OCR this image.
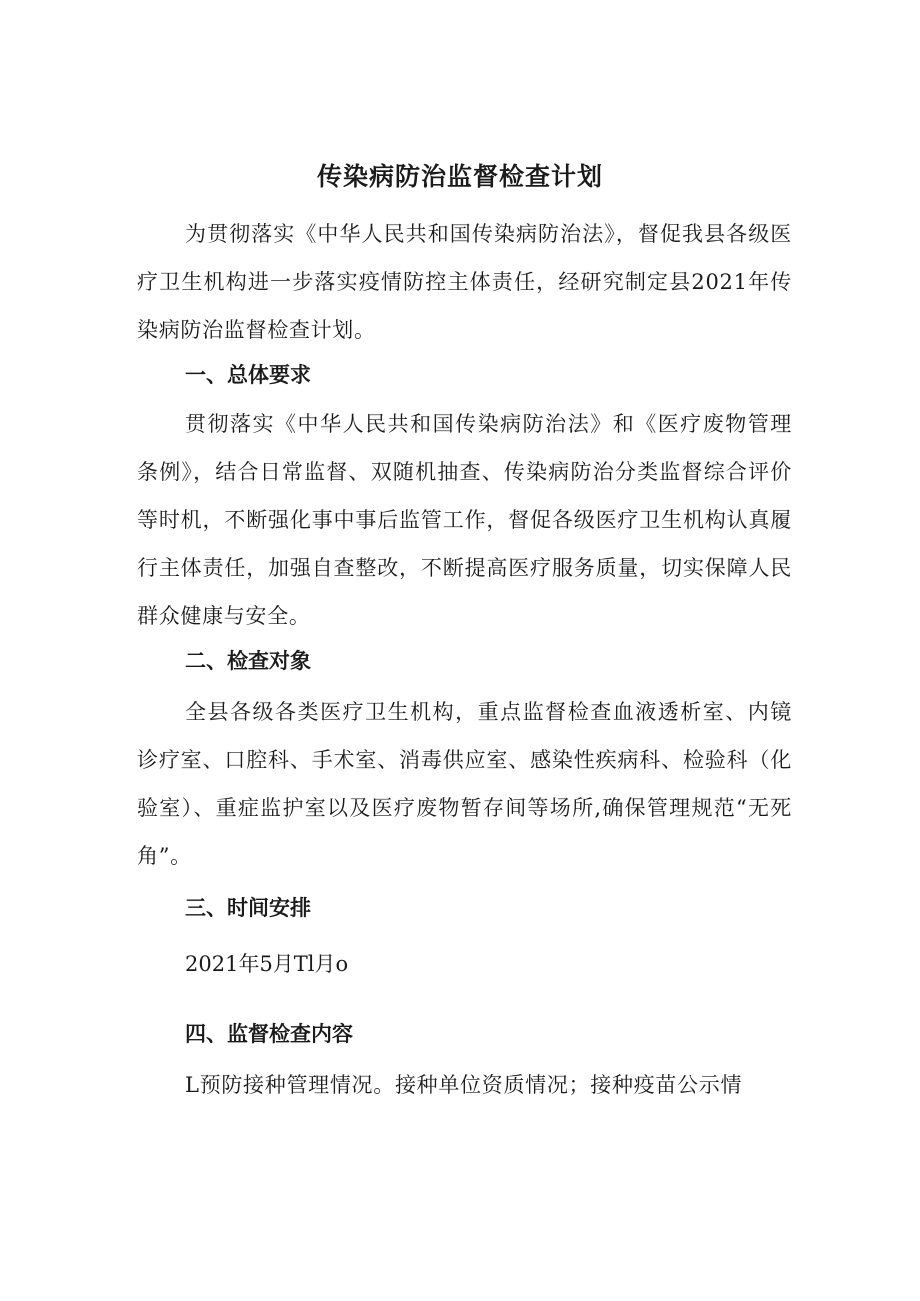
传染病防治监督检查计划

为贯彻落实《中华人民共和国传染病防治法》，督促我县各级医疗卫生机构进一步落实疫情防控主体责任，经研究制定县2021年传染病防治监督检查计划。

一、总体要求

贯彻落实《中华人民共和国传染病防治法》和《医疗废物管理条例》，结合日常监督、双随机抽查、传染病防治分类监督综合评价等时机，不断强化事中事后监管工作，督促各级医疗卫生机构认真履行主体责任，加强自查整改，不断提高医疗服务质量，切实保障人民群众健康与安全。

二、检查对象

全县各级各类医疗卫生机构，重点监督检查血液透析室、内镜诊疗室、口腔科、手术室、消毒供应室、感染性疾病科、检验科（化验室）、重症监护室以及医疗废物暂存间等场所,确保管理规范“无死角”。

三、时间安排

2021年5月Tl月o

四、监督检查内容

L预防接种管理情况。接种单位资质情况；接种疫苗公示情
